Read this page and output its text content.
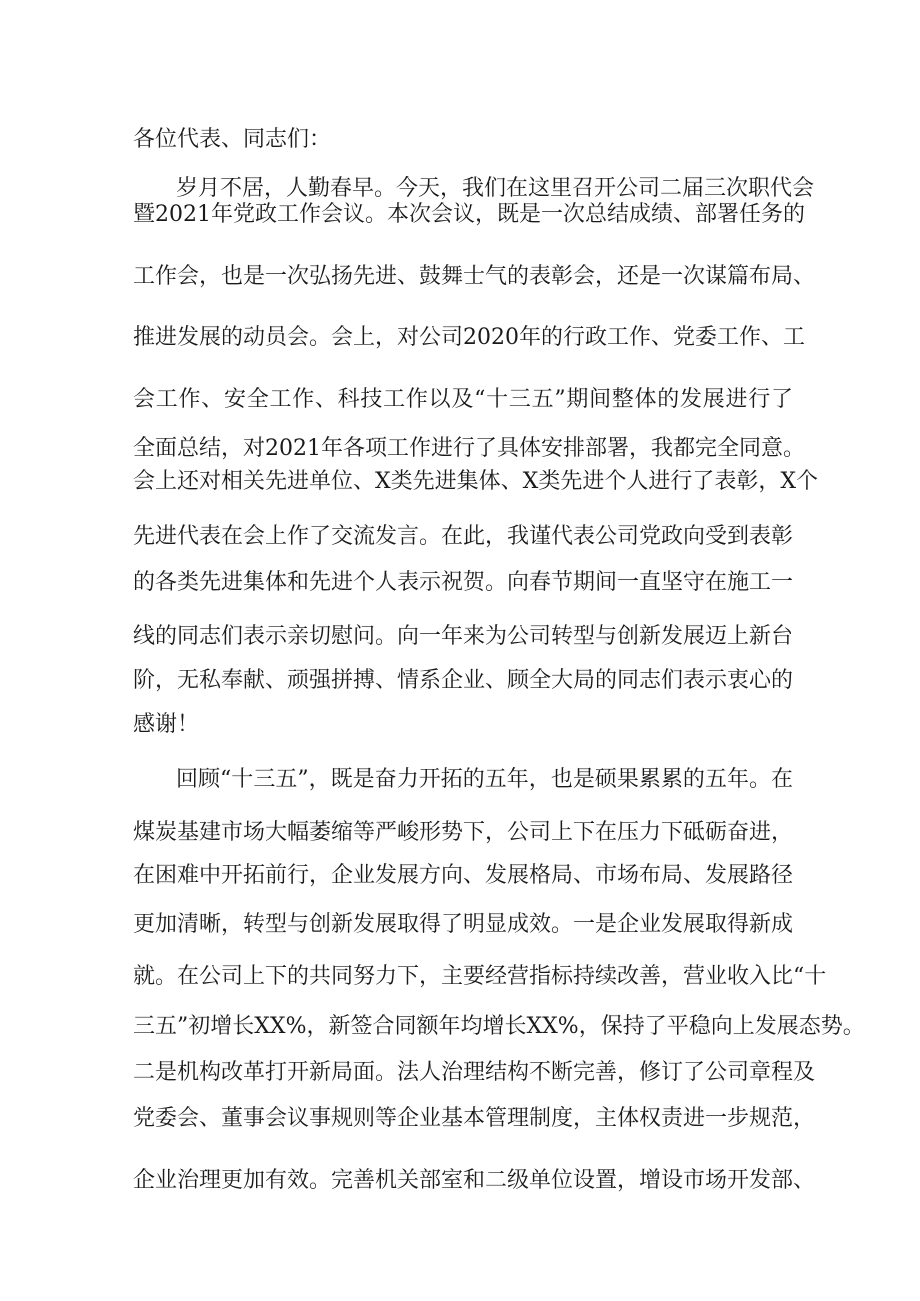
各位代表、同志们：
岁月不居，人勤春早。今天，我们在这里召开公司二届三次职代会
暨2021年党政工作会议。本次会议，既是一次总结成绩、部署任务的
工作会，也是一次弘扬先进、鼓舞士气的表彰会，还是一次谋篇布局、
推进发展的动员会。会上，对公司2020年的行政工作、党委工作、工
会工作、安全工作、科技工作以及“十三五”期间整体的发展进行了
全面总结，对2021年各项工作进行了具体安排部署，我都完全同意。
会上还对相关先进单位、X类先进集体、X类先进个人进行了表彰，X个
先进代表在会上作了交流发言。在此，我谨代表公司党政向受到表彰
的各类先进集体和先进个人表示祝贺。向春节期间一直坚守在施工一
线的同志们表示亲切慰问。向一年来为公司转型与创新发展迈上新台
阶，无私奉献、顽强拼搏、情系企业、顾全大局的同志们表示衷心的
感谢！
回顾“十三五”，既是奋力开拓的五年，也是硕果累累的五年。在
煤炭基建市场大幅萎缩等严峻形势下，公司上下在压力下砥砺奋进，
在困难中开拓前行，企业发展方向、发展格局、市场布局、发展路径
更加清晰，转型与创新发展取得了明显成效。一是企业发展取得新成
就。在公司上下的共同努力下，主要经营指标持续改善，营业收入比“十
三五”初增长XX%，新签合同额年均增长XX%，保持了平稳向上发展态势。
二是机构改革打开新局面。法人治理结构不断完善，修订了公司章程及
党委会、董事会议事规则等企业基本管理制度，主体权责进一步规范，
企业治理更加有效。完善机关部室和二级单位设置，增设市场开发部、
